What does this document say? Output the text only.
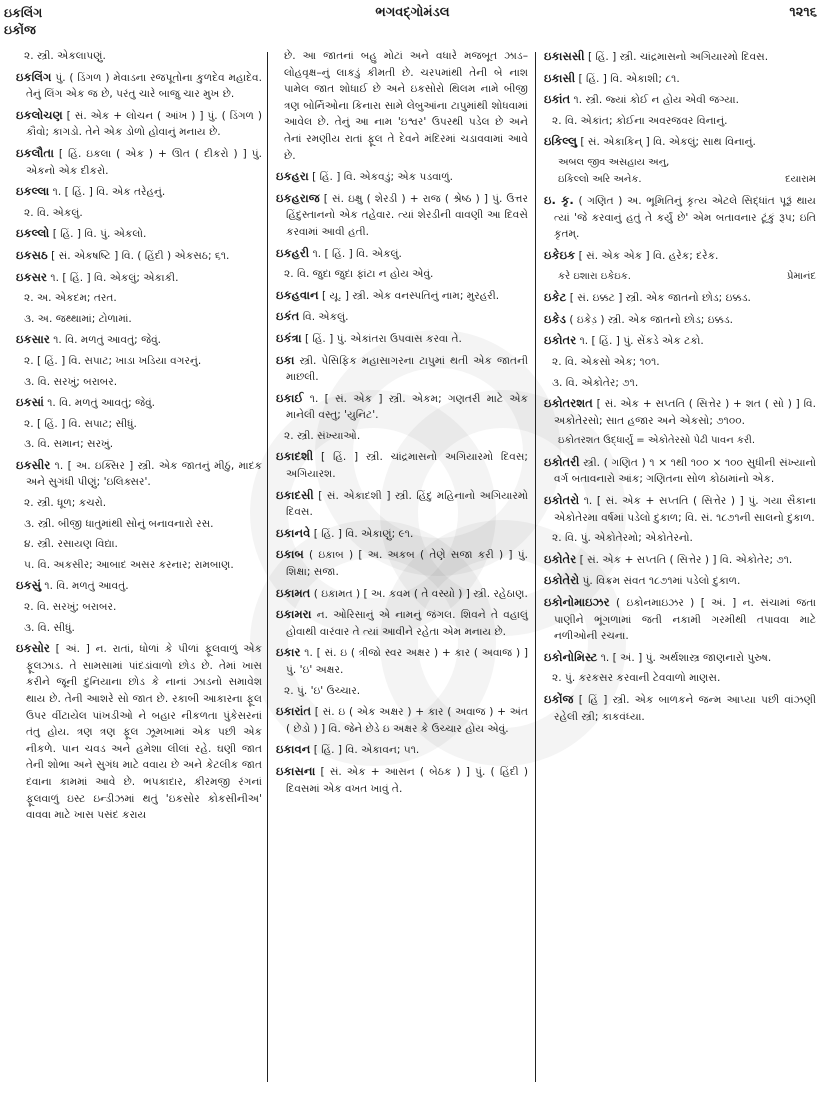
ઇકલિંગ
ઇકોંજ
ભગવદ્ગોમંડલ	૧૨૧૬
૨. સ્ત્રી. એકલાપણું.
ઇકલિંગ પું. ( ડિંગળ ) મેવાડના રજપૂતોના કુળદેવ મહાદેવ. તેનું લિંગ એક જ છે, પરંતુ ચારે બાજુ ચાર મુખ છે.
ઇકલોચણ [ સં. એક + લોચન ( આંખ ) ] પું. ( ડિંગળ ) કૌવો; કાગડો. તેને એક ડોળો હોવાનું મનાય છે.
ઇકલૌતા [ હિં. ઇકલા ( એક ) + ઊત ( દીકરો ) ] પું. એકનો એક દીકરો.
ઇકલ્લા ૧. [ હિં. ] વિ. એક તરેહનું.
૨. વિ. એકલું.
ઇકલ્લો [ હિં. ] વિ. પું. એકલો.
ઇકસઠ [ સં. એકષષ્ટિ ] વિ. ( હિંદી ) એકસઠ; ૬૧.
ઇકસર ૧. [ હિં. ] વિ. એકલું; એકાકી.
૨. અ. એકદમ; તરત.
૩. અ. જથ્થામાં; ટોળામાં.
ઇકસાર ૧. વિ. મળતું આવતું; જેવું.
૨. [ હિં. ] વિ. સપાટ; ખાડા ખડિયા વગરનું.
૩. વિ. સરખું; બરાબર.
ઇકસાં ૧. વિ. મળતું આવતું; જેવું.
૨. [ હિં. ] વિ. સપાટ; સીધું.
૩. વિ. સમાન; સરખું.
ઇકસીર ૧. [ અ. ઇક્સિર ] સ્ત્રી. એક જાતનું મીઠું, માદક અને સુગંધી પીણું; 'ઇલિક્સર'.
૨. સ્ત્રી. ધૂળ; કચરો.
૩. સ્ત્રી. બીજી ધાતુમાંથી સોનું બનાવનારો રસ.
૪. સ્ત્રી. રસાયણ વિદ્યા.
૫. વિ. અકસીર; આબાદ અસર કરનાર; રામબાણ.
ઇકસું ૧. વિ. મળતું આવતું.
૨. વિ. સરખું; બરાબર.
૩. વિ. સીધું.
ઇકસોર [ અં. ] ન. રાતાં, ધોળાં કે પીળાં ફૂલવાળું એક ફૂલઝાડ. તે સામસામાં પાંદડાંવાળો છોડ છે. તેમાં ખાસ કરીને જૂની દુનિયાના છોડ કે નાનાં ઝાડનો સમાવેશ થાય છે. તેની આશરે સો જાત છે. રકાબી આકારના ફૂલ ઉપર વીંટાયેલ પાંખડીઓ ને બહાર નીકળતા પુંકેસરનાં તંતુ હોય. ત્રણ ત્રણ ફૂલ ઝૂમખામાં એક પછી એક નીકળે. પાન ચવડ અને હમેશા લીલાં રહે. ઘણી જાત તેની શોભા અને સુગંધ માટે વવાય છે અને કેટલીક જાત દવાના કામમાં આવે છે. ભપકાદાર, કીરમજી રંગનાં ફૂલવાળું ઇસ્ટ ઇન્ડીઝમાં થતું 'ઇકસોર કોકસીનીઅ' વાવવા માટે ખાસ પસંદ કરાય
છે. આ જાતનાં બહુ મોટાં અને વધારે મજબૂત ઝાડ–લોહવૃક્ષ–નું લાકડું કીમતી છે. ચરપમાંથી તેની બે નાશ પામેલ જાત શોધાઈ છે અને ઇકસોરો થિલમ નામે બીજી ત્રણ બોર્નિઓના કિનારા સામે લેબુઆંના ટાપુમાંથી શોધવામાં આવેલ છે. તેનું આ નામ 'ઇશ્વર' ઉપરથી પડેલ છે અને તેનાં રમણીય રાતાં ફૂલ તે દેવને મંદિરમાં ચડાવવામાં આવે છે.
ઇકહરા [ હિં. ] વિ. એકવડું; એક પડવાળું.
ઇકહરાજ [ સં. ઇક્ષુ ( શેરડી ) + રાજ ( શ્રેષ્ઠ ) ] પું. ઉત્તર હિંદુસ્તાનનો એક તહેવાર. ત્યાં શેરડીની વાવણી આ દિવસે કરવામાં આવી હતી.
ઇકહરી ૧. [ હિં. ] વિ. એકલું.
૨. વિ. જુદા જુદા ફાંટા ન હોય એવું.
ઇકહવાન [ યૂ. ] સ્ત્રી. એક વનસ્પતિનું નામ; મુરહરી.
ઇકંત વિ. એકલું.
ઇકંત્રા [ હિં. ] પું. એકાંતરા ઉપવાસ કરવા તે.
ઇકા સ્ત્રી. પેસિફિક મહાસાગરના ટાપુમાં થતી એક જાતની માછલી.
ઇકાઈ ૧. [ સં. એક ] સ્ત્રી. એકમ; ગણતરી માટે એક માનેલી વસ્તુ; 'યુનિટ'.
૨. સ્ત્રી. સંખ્યાઓ.
ઇકાદશી [ હિં. ] સ્ત્રી. ચાંદ્રમાસનો અગિયારમો દિવસ; અગિયારશ.
ઇકાદસી [ સં. એકાદશી ] સ્ત્રી. હિંદુ મહિનાનો અગિયારમો દિવસ.
ઇકાનવે [ હિં. ] વિ. એકાણું; ૯૧.
ઇકાબ ( ઇક઼ાબ ) [ અ. અકબ ( તેણે સજા કરી ) ] પું. શિક્ષા; સજા.
ઇકામત ( ઇક઼ામત ) [ અ. કવમ ( તે વસ્યો ) ] સ્ત્રી. રહેઠાણ.
ઇકામરા ન. ઓરિસાનું એ નામનું જંગલ. શિવને તે વહાલું હોવાથી વારંવાર તે ત્યાં આવીને રહેતા એમ મનાય છે.
ઇકાર ૧. [ સં. ઇ ( ત્રીજો સ્વર અક્ષર ) + કાર ( અવાજ ) ] પું. 'ઇ' અક્ષર.
૨. પું. 'ઇ' ઉચ્ચાર.
ઇકારાંત [ સં. ઇ ( એક અક્ષર ) + કાર ( અવાજ ) + અંત ( છેડો ) ] વિ. જેને છેડે ઇ અક્ષર કે ઉચ્ચાર હોય એવું.
ઇકાવન [ હિં. ] વિ. એકાવન; ૫૧.
ઇકાસના [ સં. એક + આસન ( બેઠક ) ] પું. ( હિંદી ) દિવસમાં એક વખત ખાવું તે.
ઇકાસસી [ હિં. ] સ્ત્રી. ચાંદ્રમાસનો અગિયારમો દિવસ.
ઇકાસી [ હિં. ] વિ. એકાશી; ૮૧.
ઇકાંત ૧. સ્ત્રી. જ્યાં કોઈ ન હોય એવી જગ્યા.
૨. વિ. એકાંત; કોઈના અવરજવર વિનાનું.
ઇકિલ્લુ [ સં. એકાકિન્ ] વિ. એકલું; સાથ વિનાનું.
અબલ જીવ અસહાય અનુ,
દયારામ
ઇકિલ્લો અરિ અનેક.
ઇ. કૃ. ( ગણિત ) અ. ભૂમિતિનું કૃત્ય એટલે સિદ્ધાંત પૂરૂં થાય ત્યાં 'જે કરવાનું હતું તે કર્યું છે' એમ બતાવનાર ટૂંકું રૂપ; ઇતિ કૃતમ્.
ઇકેઇક [ સં. એક એક ] વિ. હરેક; દરેક.
પ્રેમાનંદ
કરે ઇશારા ઇકેઇક.
ઇકેટ [ સં. ઇક્કટ ] સ્ત્રી. એક જાતનો છોડ; ઇક્કડ.
ઇકેડ ( ઇકેડ઼ ) સ્ત્રી. એક જાતનો છોડ; ઇક્કડ.
ઇકોતર ૧. [ હિં. ] પું. સેંકડે એક ટકો.
૨. વિ. એકસો એક; ૧૦૧.
૩. વિ. એકોતેર; ૭૧.
ઇકોતરશત [ સં. એક + સપ્તતિ ( સિત્તેર ) + શત ( સો ) ] વિ. અકોતેરસો; સાત હજાર અને એકસો; ૭૧૦૦.
ઇકોતરશત ઉદ્ધાર્યું = એકોતેરસો પેઢી પાવન કરી.
ઇકોતરી સ્ત્રી. ( ગણિત ) ૧ × ૧થી ૧૦૦ × ૧૦૦ સુધીની સંખ્યાનો વર્ગ બતાવનારો આંક; ગણિતના સોળ કોઠામાંનો એક.
ઇકોતરો ૧. [ સં. એક + સપ્તતિ ( સિત્તેર ) ] પું. ગયા સૈકાના એકોતેરમા વર્ષમાં પડેલો દુકાળ; વિ. સં. ૧૮૭૧ની સાલનો દુકાળ.
૨. વિ. પું. એકોતેરમો; એકોતેરનો.
ઇકોતેર [ સં. એક + સપ્તતિ ( સિત્તેર ) ] વિ. એકોતેર; ૭૧.
ઇકોતેરો પું. વિક્રમ સંવત ૧૮૭૧માં પડેલો દુકાળ.
ઇકોનોમાઇઝર ( ઇકોનમાઇઝર ) [ અં. ] ન. સંચામાં જતા પાણીને ભૂંગળામાં જતી નકામી ગરમીથી તપાવવા માટે નળીઓની રચના.
ઇકોનોમિસ્ટ ૧. [ અં. ] પું. અર્થશાસ્ત્ર જાણનારો પુરુષ.
૨. પું. કરકસર કરવાની ટેવવાળો માણસ.
ઇકોંજ [ હિં ] સ્ત્રી. એક બાળકને જન્મ આપ્યા પછી વાંઝણી રહેલી સ્ત્રી; કાકવંધ્યા.
